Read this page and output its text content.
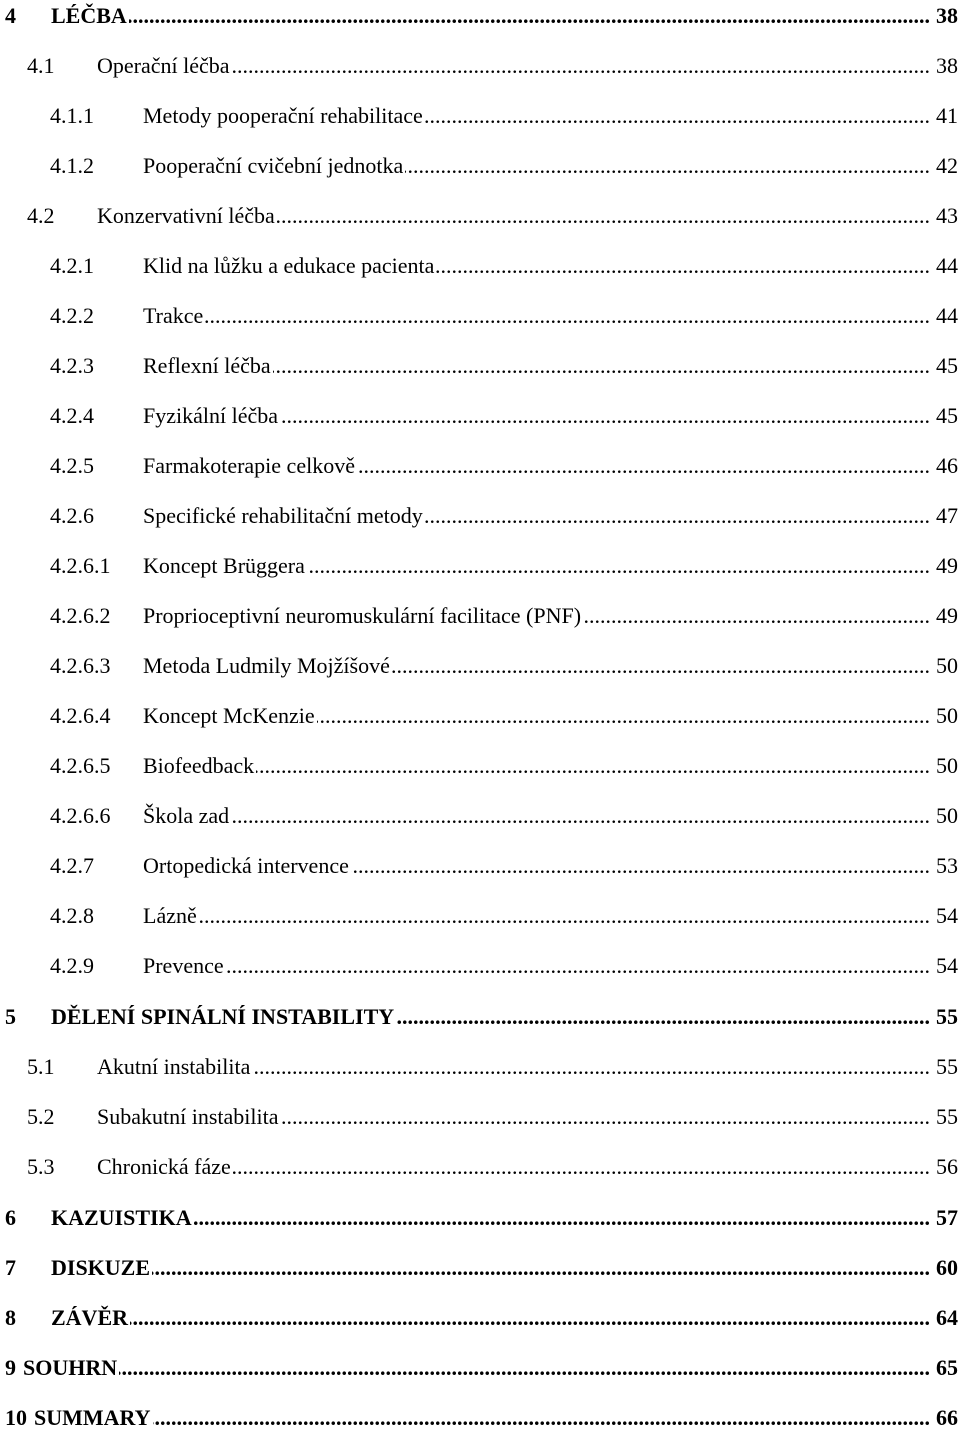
4 LÉČBA .....	38
4.1 Operační léčba .....	38
4.1.1 Metody pooperační rehabilitace .....	41
4.1.2 Pooperační cvičební jednotka .....	42
4.2 Konzervativní léčba .....	43
4.2.1 Klid na lůžku a edukace pacienta .....	44
4.2.2 Trakce .....	44
4.2.3 Reflexní léčba .....	45
4.2.4 Fyzikální léčba .....	45
4.2.5 Farmakoterapie celkově .....	46
4.2.6 Specifické rehabilitační metody .....	47
4.2.6.1 Koncept Brüggera .....	49
4.2.6.2 Proprioceptivní neuromuskulární facilitace (PNF) .....	49
4.2.6.3 Metoda Ludmily Mojžíšové .....	50
4.2.6.4 Koncept McKenzie .....	50
4.2.6.5 Biofeedback .....	50
4.2.6.6 Škola zad .....	50
4.2.7 Ortopedická intervence .....	53
4.2.8 Lázně .....	54
4.2.9 Prevence .....	54
5 DĚLENÍ SPINÁLNÍ INSTABILITY .....	55
5.1 Akutní instabilita .....	55
5.2 Subakutní instabilita .....	55
5.3 Chronická fáze .....	56
6 KAZUISTIKA .....	57
7 DISKUZE .....	60
8 ZÁVĚR .....	64
9 SOUHRN .....	65
10 SUMMARY .....	66
